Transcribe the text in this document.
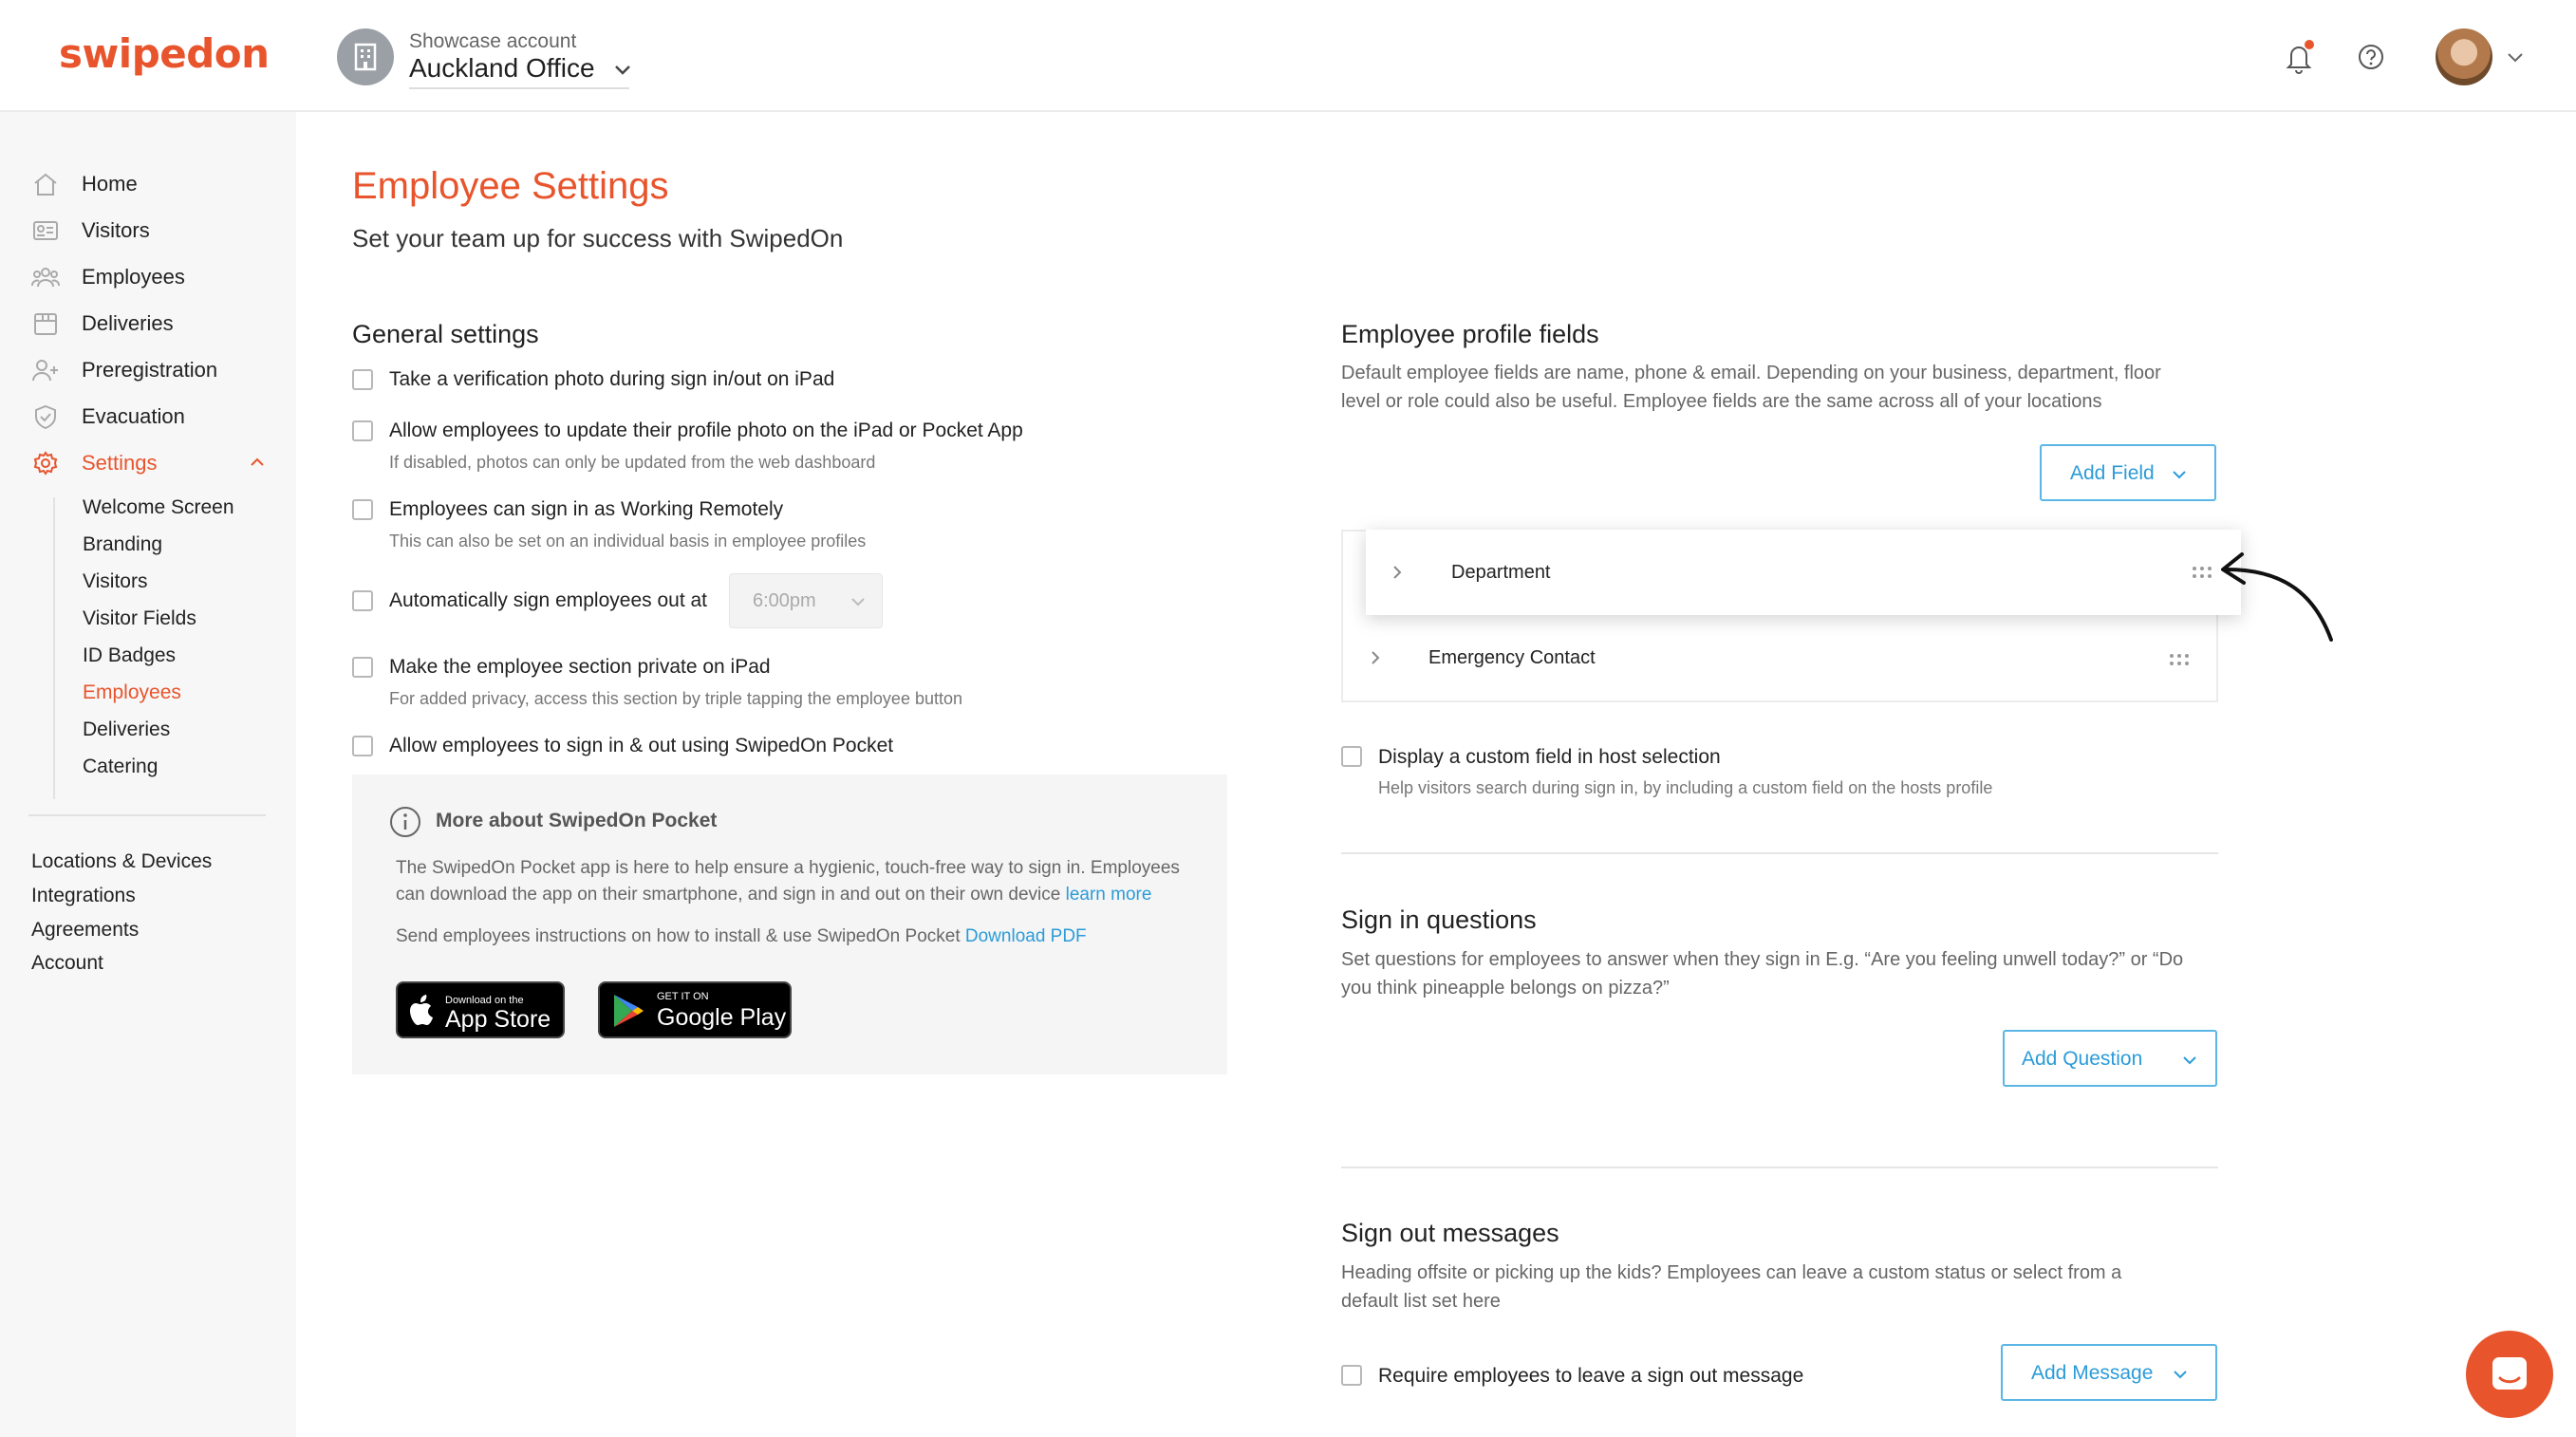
swipedon	Showcase account
Auckland Office
Home
Visitors
Employees
Deliveries
Preregistration
Evacuation
Settings
Welcome Screen
Branding
Visitors
Visitor Fields
ID Badges
Employees
Deliveries
Catering
Locations & Devices
Integrations
Agreements
Account
Employee Settings
Set your team up for success with SwipedOn
General settings
Take a verification photo during sign in/out on iPad
Allow employees to update their profile photo on the iPad or Pocket App
If disabled, photos can only be updated from the web dashboard
Employees can sign in as Working Remotely
This can also be set on an individual basis in employee profiles
Automatically sign employees out at 6:00pm
Make the employee section private on iPad
For added privacy, access this section by triple tapping the employee button
Allow employees to sign in & out using SwipedOn Pocket
More about SwipedOn Pocket
The SwipedOn Pocket app is here to help ensure a hygienic, touch-free way to sign in. Employees
can download the app on their smartphone, and sign in and out on their own device learn more
Send employees instructions on how to install & use SwipedOn Pocket Download PDF
Download on the
App Store
GET IT ON
Google Play
Employee profile fields
Default employee fields are name, phone & email. Depending on your business, department, floor
level or role could also be useful. Employee fields are the same across all of your locations
Add Field
Emergency Contact
Department
Display a custom field in host selection
Help visitors search during sign in, by including a custom field on the hosts profile
Sign in questions
Set questions for employees to answer when they sign in E.g. “Are you feeling unwell today?” or “Do
you think pineapple belongs on pizza?”
Add Question
Sign out messages
Heading offsite or picking up the kids? Employees can leave a custom status or select from a
default list set here
Require employees to leave a sign out message	Add Message
